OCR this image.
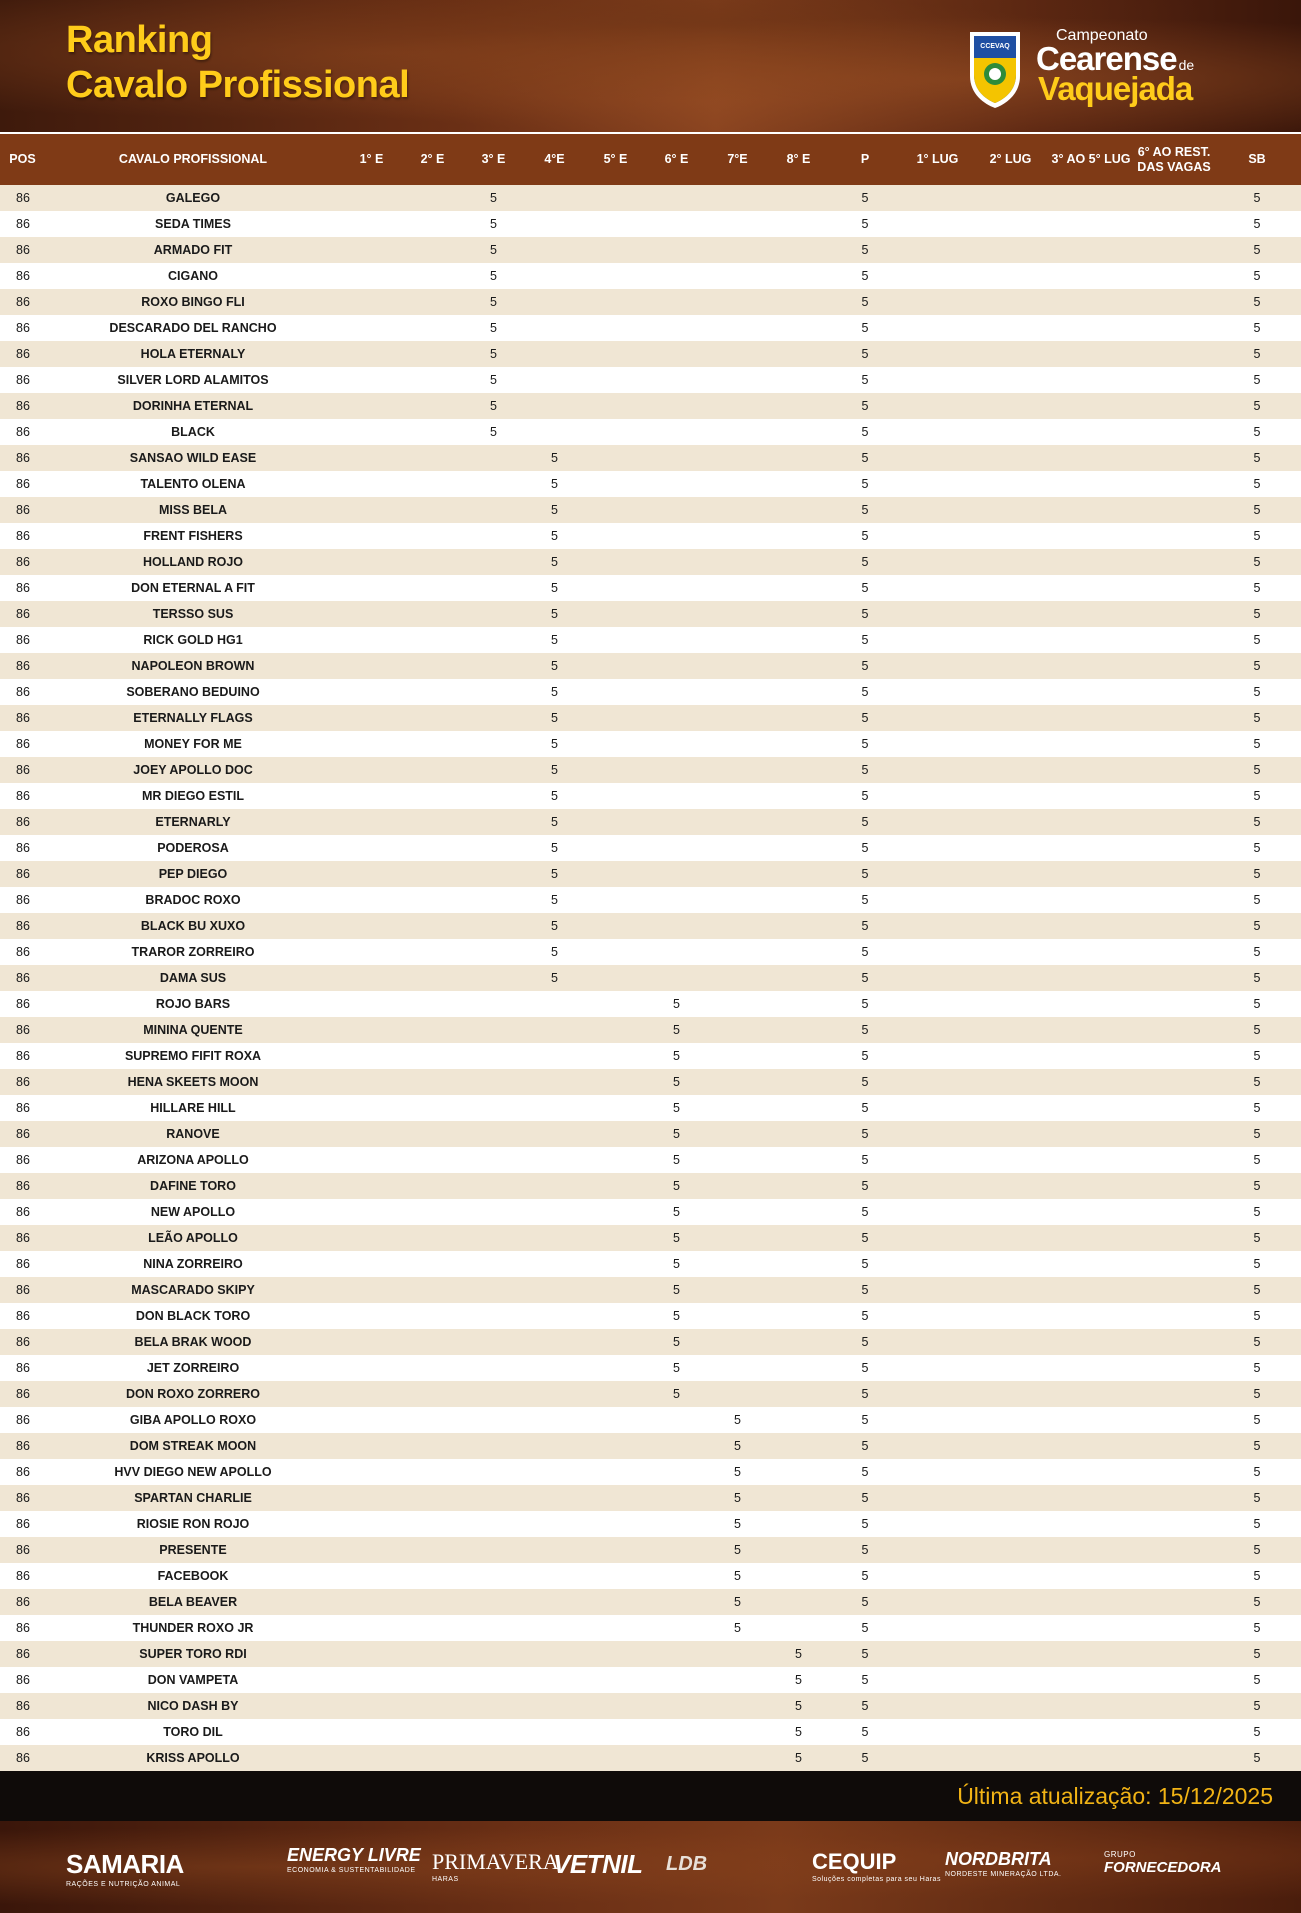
Ranking
Cavalo Profissional
CCEVAQ
Campeonato
Cearense de
Vaquejada
POS	CAVALO PROFISSIONAL	1° E	2° E	3° E	4°E	5° E	6° E	7°E	8° E	P	1° LUG	2° LUG	3° AO 5° LUG	6° AO REST. DAS VAGAS	SB
86	GALEGO			5						5					5
86	SEDA TIMES			5						5					5
86	ARMADO FIT			5						5					5
86	CIGANO			5						5					5
86	ROXO BINGO FLI			5						5					5
86	DESCARADO DEL RANCHO			5						5					5
86	HOLA ETERNALY			5						5					5
86	SILVER LORD ALAMITOS			5						5					5
86	DORINHA ETERNAL			5						5					5
86	BLACK			5						5					5
86	SANSAO WILD EASE				5					5					5
86	TALENTO OLENA				5					5					5
86	MISS BELA				5					5					5
86	FRENT FISHERS				5					5					5
86	HOLLAND ROJO				5					5					5
86	DON ETERNAL A FIT				5					5					5
86	TERSSO SUS				5					5					5
86	RICK GOLD HG1				5					5					5
86	NAPOLEON BROWN				5					5					5
86	SOBERANO BEDUINO				5					5					5
86	ETERNALLY FLAGS				5					5					5
86	MONEY FOR ME				5					5					5
86	JOEY APOLLO DOC				5					5					5
86	MR DIEGO ESTIL				5					5					5
86	ETERNARLY				5					5					5
86	PODEROSA				5					5					5
86	PEP DIEGO				5					5					5
86	BRADOC ROXO				5					5					5
86	BLACK BU XUXO				5					5					5
86	TRAROR ZORREIRO				5					5					5
86	DAMA SUS				5					5					5
86	ROJO BARS						5			5					5
86	MININA QUENTE						5			5					5
86	SUPREMO FIFIT ROXA						5			5					5
86	HENA SKEETS MOON						5			5					5
86	HILLARE HILL						5			5					5
86	RANOVE						5			5					5
86	ARIZONA APOLLO						5			5					5
86	DAFINE TORO						5			5					5
86	NEW APOLLO						5			5					5
86	LEÃO APOLLO						5			5					5
86	NINA ZORREIRO						5			5					5
86	MASCARADO SKIPY						5			5					5
86	DON BLACK TORO						5			5					5
86	BELA BRAK WOOD						5			5					5
86	JET ZORREIRO						5			5					5
86	DON ROXO ZORRERO						5			5					5
86	GIBA APOLLO ROXO							5		5					5
86	DOM STREAK MOON							5		5					5
86	HVV DIEGO NEW APOLLO							5		5					5
86	SPARTAN CHARLIE							5		5					5
86	RIOSIE RON ROJO							5		5					5
86	PRESENTE							5		5					5
86	FACEBOOK							5		5					5
86	BELA BEAVER							5		5					5
86	THUNDER ROXO JR							5		5					5
86	SUPER TORO RDI								5	5					5
86	DON VAMPETA								5	5					5
86	NICO DASH BY								5	5					5
86	TORO DIL								5	5					5
86	KRISS APOLLO								5	5					5
Última atualização: 15/12/2025
SAMARIA
RAÇÕES E NUTRIÇÃO ANIMAL
ENERGY LIVRE
ECONOMIA & SUSTENTABILIDADE PRIMAVERA
HARAS
VETNIL LDB	CEQUIP
Soluções completas para seu Haras
NORDBRITA
NORDESTE MINERAÇÃO LTDA.
GRUPO
FORNECEDORA
